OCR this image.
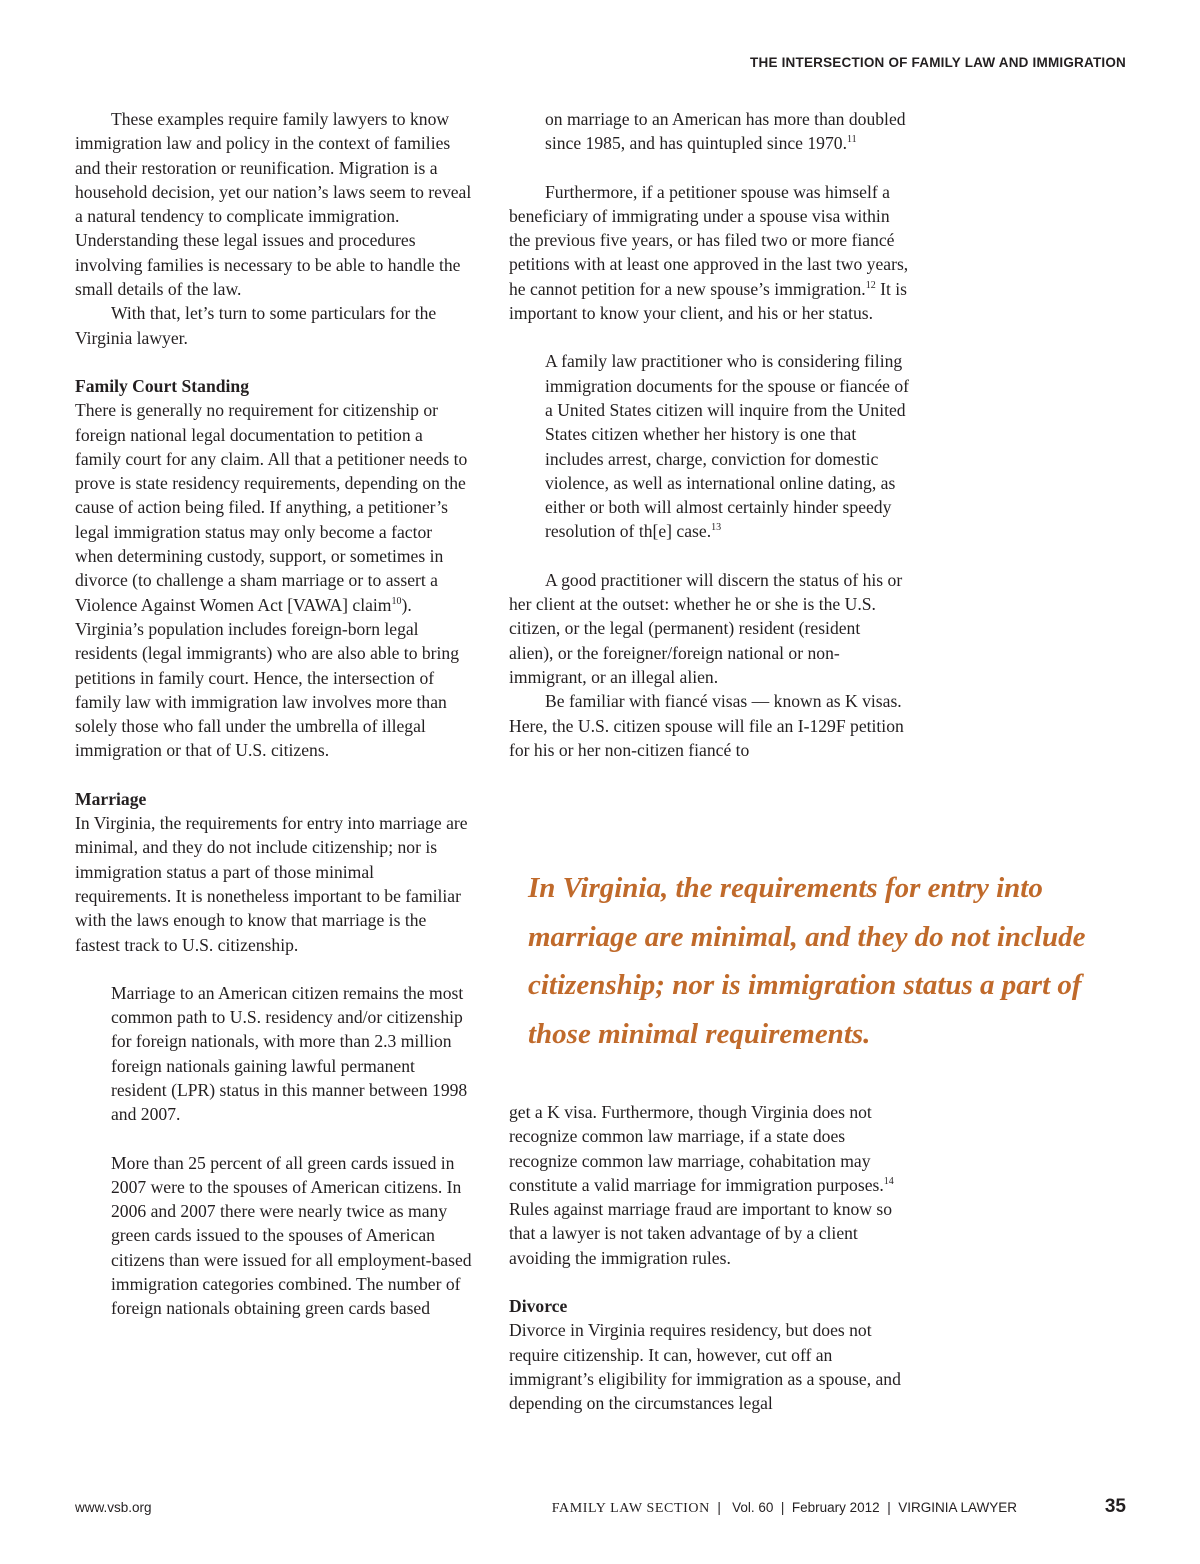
THE INTERSECTION OF FAMILY LAW AND IMMIGRATION

These examples require family lawyers to know immigration law and policy in the context of families and their restoration or reunification. Migration is a household decision, yet our nation’s laws seem to reveal a natural tendency to complicate immigration. Understanding these legal issues and procedures involving families is necessary to be able to handle the small details of the law.

With that, let’s turn to some particulars for the Virginia lawyer.

Family Court Standing

There is generally no requirement for citizenship or foreign national legal documentation to petition a family court for any claim. All that a petitioner needs to prove is state residency requirements, depending on the cause of action being filed. If anything, a petitioner’s legal immigration status may only become a factor when determining custody, support, or sometimes in divorce (to challenge a sham marriage or to assert a Violence Against Women Act [VAWA] claim$^{10}$). Virginia’s population includes foreign-born legal residents (legal immigrants) who are also able to bring petitions in family court. Hence, the intersection of family law with immigration law involves more than solely those who fall under the umbrella of illegal immigration or that of U.S. citizens.

Marriage

In Virginia, the requirements for entry into marriage are minimal, and they do not include citizenship; nor is immigration status a part of those minimal requirements. It is nonetheless important to be familiar with the laws enough to know that marriage is the fastest track to U.S. citizenship.

Marriage to an American citizen remains the most common path to U.S. residency and/or citizenship for foreign nationals, with more than 2.3 million foreign nationals gaining lawful permanent resident (LPR) status in this manner between 1998 and 2007.

More than 25 percent of all green cards issued in 2007 were to the spouses of American citizens. In 2006 and 2007 there were nearly twice as many green cards issued to the spouses of American citizens than were issued for all employment-based immigration categories combined. The number of foreign nationals obtaining green cards based

on marriage to an American has more than doubled since 1985, and has quintupled since 1970.11

Furthermore, if a petitioner spouse was himself a beneficiary of immigrating under a spouse visa within the previous five years, or has filed two or more fiancé petitions with at least one approved in the last two years, he cannot petition for a new spouse’s immigration.$^{12}$ It is important to know your client, and his or her status.

A family law practitioner who is considering filing immigration documents for the spouse or fiancée of a United States citizen will inquire from the United States citizen whether her history is one that includes arrest, charge, conviction for domestic violence, as well as international online dating, as either or both will almost certainly hinder speedy resolution of th[e] case.$^{13}$

A good practitioner will discern the status of his or her client at the outset: whether he or she is the U.S. citizen, or the legal (permanent) resident (resident alien), or the foreigner/foreign national or non-immigrant, or an illegal alien.

Be familiar with fiancé visas — known as K visas. Here, the U.S. citizen spouse will file an I-129F petition for his or her non-citizen fiancé to

In Virginia, the requirements for entry into marriage are minimal, and they do not include citizenship; nor is immigration status a part of those minimal requirements.

get a K visa. Furthermore, though Virginia does not recognize common law marriage, if a state does recognize common law marriage, cohabitation may constitute a valid marriage for immigration purposes.$^{14}$ Rules against marriage fraud are important to know so that a lawyer is not taken advantage of by a client avoiding the immigration rules.

Divorce

Divorce in Virginia requires residency, but does not require citizenship. It can, however, cut off an immigrant’s eligibility for immigration as a spouse, and depending on the circumstances legal

www.vsb.org	FAMILY LAW SECTION  |   Vol. 60  |  February 2012  |  VIRGINIA LAWYER	35
